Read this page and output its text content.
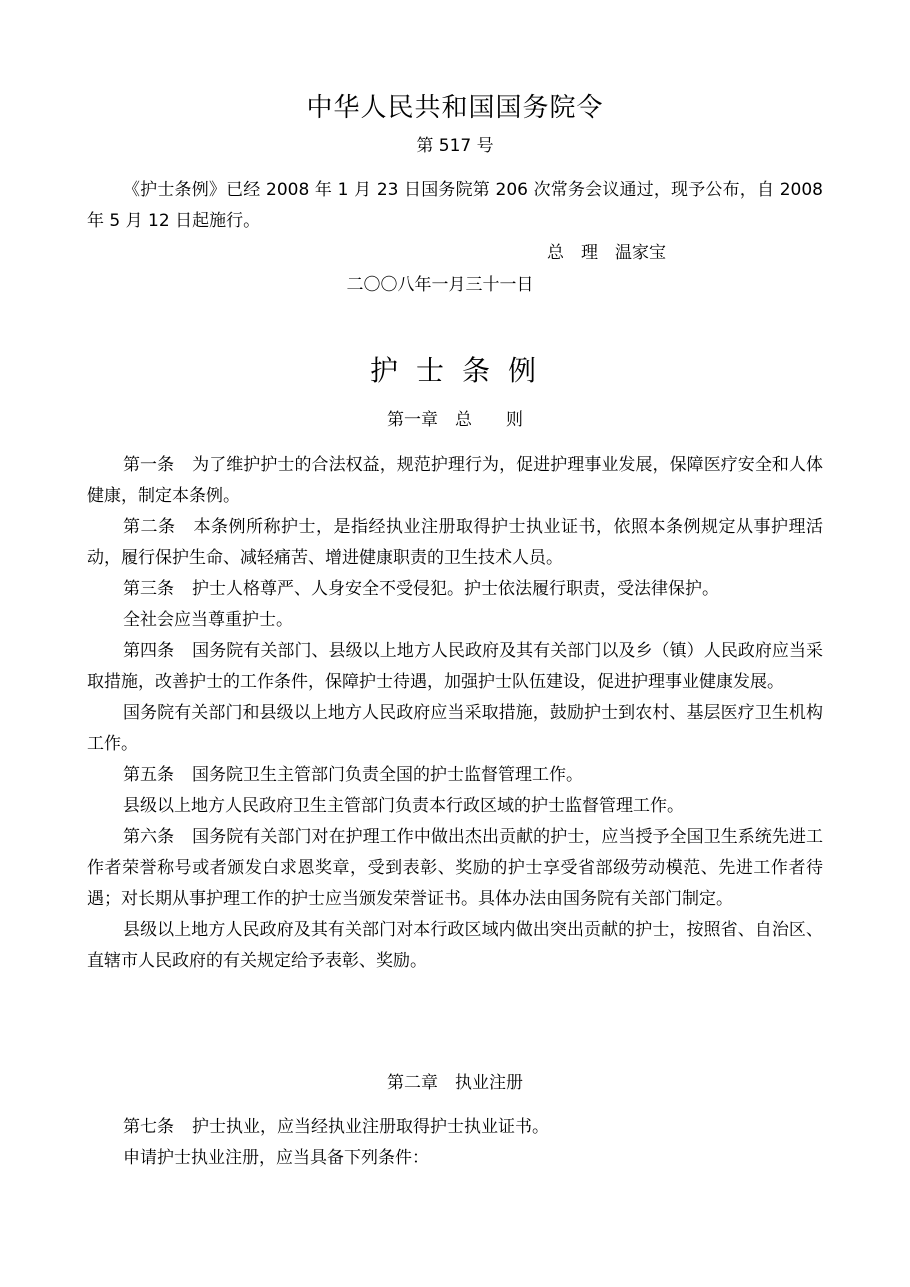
中华人民共和国国务院令
第 517 号

《护士条例》已经 2008 年 1 月 23 日国务院第 206 次常务会议通过，现予公布，自 2008 年 5 月 12 日起施行。

总　理　温家宝
二〇〇八年一月三十一日
护士条例
第一章　总　　则

第一条 为了维护护士的合法权益，规范护理行为，促进护理事业发展，保障医疗安全和人体健康，制定本条例。

第二条 本条例所称护士，是指经执业注册取得护士执业证书，依照本条例规定从事护理活动，履行保护生命、减轻痛苦、增进健康职责的卫生技术人员。

第三条 护士人格尊严、人身安全不受侵犯。护士依法履行职责，受法律保护。

全社会应当尊重护士。

第四条 国务院有关部门、县级以上地方人民政府及其有关部门以及乡（镇）人民政府应当采取措施，改善护士的工作条件，保障护士待遇，加强护士队伍建设，促进护理事业健康发展。

国务院有关部门和县级以上地方人民政府应当采取措施，鼓励护士到农村、基层医疗卫生机构工作。

第五条 国务院卫生主管部门负责全国的护士监督管理工作。

县级以上地方人民政府卫生主管部门负责本行政区域的护士监督管理工作。

第六条 国务院有关部门对在护理工作中做出杰出贡献的护士，应当授予全国卫生系统先进工作者荣誉称号或者颁发白求恩奖章，受到表彰、奖励的护士享受省部级劳动模范、先进工作者待遇；对长期从事护理工作的护士应当颁发荣誉证书。具体办法由国务院有关部门制定。

县级以上地方人民政府及其有关部门对本行政区域内做出突出贡献的护士，按照省、自治区、直辖市人民政府的有关规定给予表彰、奖励。

第二章　执业注册

第七条 护士执业，应当经执业注册取得护士执业证书。

申请护士执业注册，应当具备下列条件：
